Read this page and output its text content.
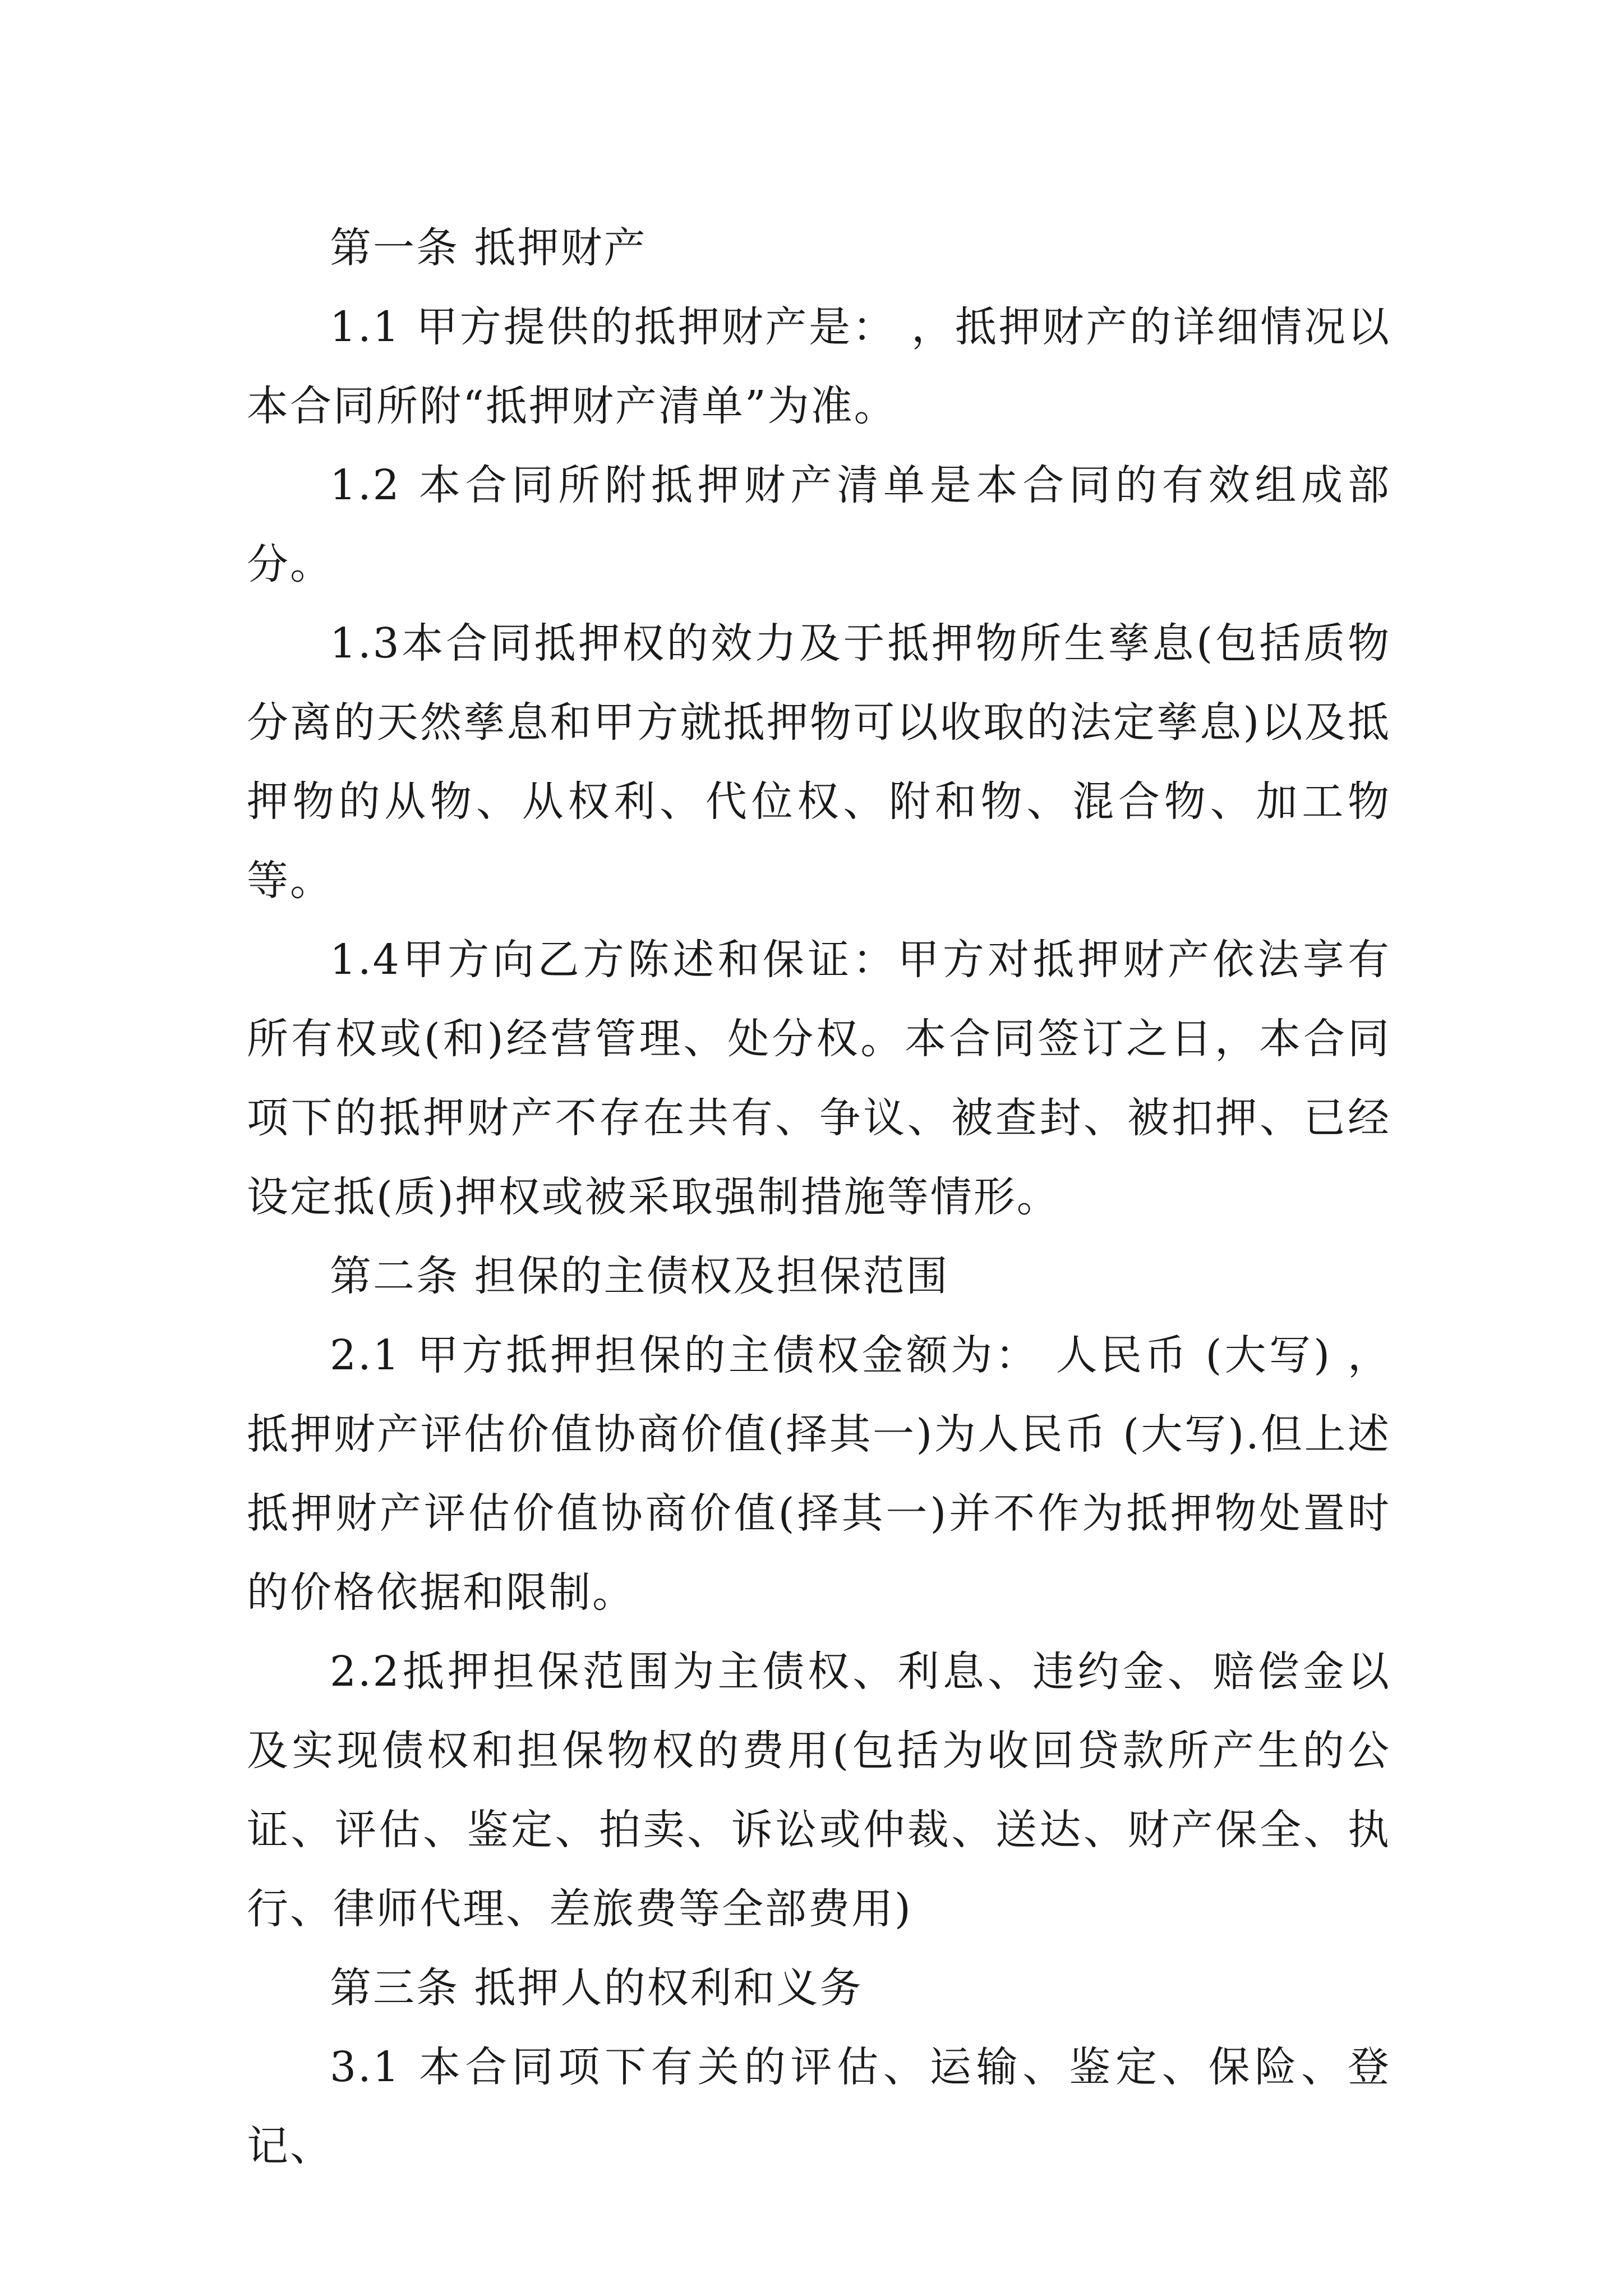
第一条 抵押财产

1.1 甲方提供的抵押财产是： ，抵押财产的详细情况以本合同所附“抵押财产清单”为准。

1.2 本合同所附抵押财产清单是本合同的有效组成部分。

1.3本合同抵押权的效力及于抵押物所生孳息(包括质物分离的天然孳息和甲方就抵押物可以收取的法定孳息)以及抵押物的从物、从权利、代位权、附和物、混合物、加工物等。

1.4甲方向乙方陈述和保证：甲方对抵押财产依法享有所有权或(和)经营管理、处分权。本合同签订之日，本合同项下的抵押财产不存在共有、争议、被查封、被扣押、已经设定抵(质)押权或被采取强制措施等情形。

第二条 担保的主债权及担保范围

2.1 甲方抵押担保的主债权金额为： 人民币 (大写) ，抵押财产评估价值协商价值(择其一)为人民币 (大写).但上述抵押财产评估价值协商价值(择其一)并不作为抵押物处置时的价格依据和限制。

2.2抵押担保范围为主债权、利息、违约金、赔偿金以及实现债权和担保物权的费用(包括为收回贷款所产生的公证、评估、鉴定、拍卖、诉讼或仲裁、送达、财产保全、执行、律师代理、差旅费等全部费用)

第三条 抵押人的权利和义务

3.1 本合同项下有关的评估、运输、鉴定、保险、登记、
